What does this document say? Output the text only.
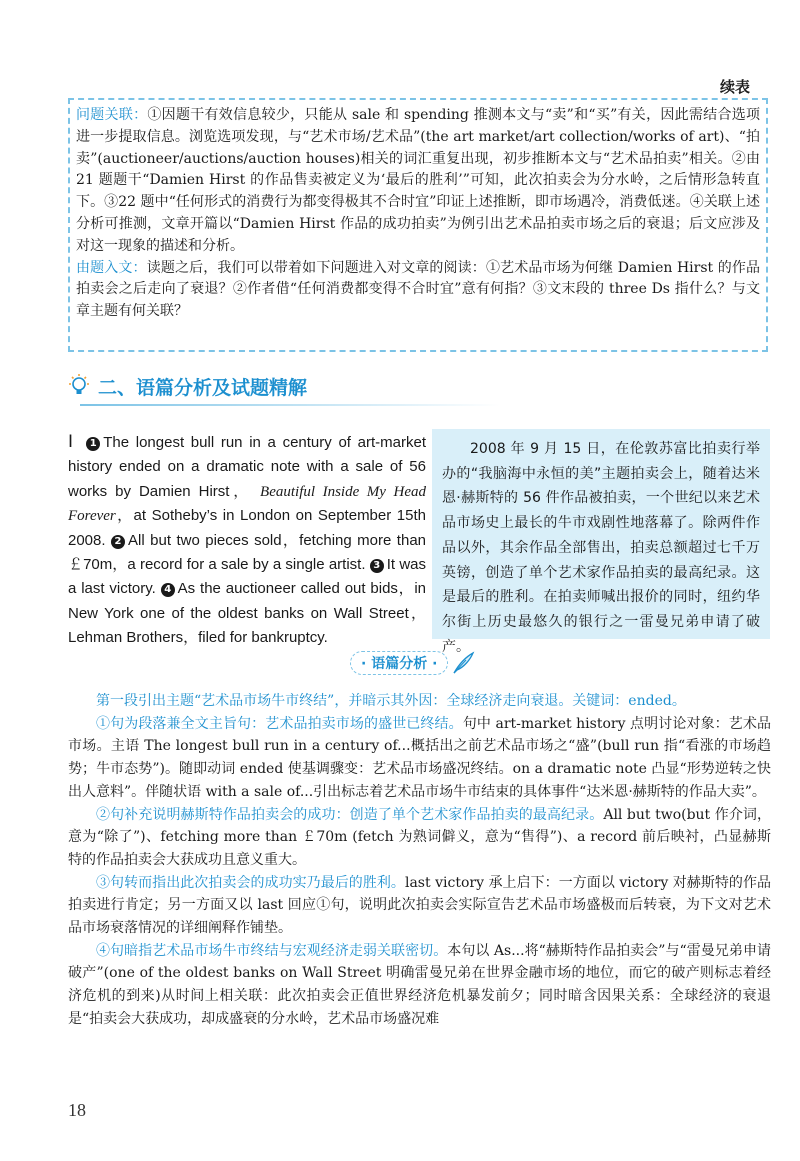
续表

问题关联：①因题干有效信息较少，只能从 sale 和 spending 推测本文与“卖”和“买”有关，因此需结合选项进一步提取信息。浏览选项发现，与“艺术市场/艺术品”(the art market/art collection/works of art)、“拍卖”(auctioneer/auctions/auction houses)相关的词汇重复出现，初步推断本文与“艺术品拍卖”相关。②由 21 题题干“Damien Hirst 的作品售卖被定义为‘最后的胜利’”可知，此次拍卖会为分水岭，之后情形急转直下。③22 题中“任何形式的消费行为都变得极其不合时宜”印证上述推断，即市场遇冷，消费低迷。④关联上述分析可推测，文章开篇以“Damien Hirst 作品的成功拍卖”为例引出艺术品拍卖市场之后的衰退；后文应涉及对这一现象的描述和分析。

由题入文：读题之后，我们可以带着如下问题进入对文章的阅读：①艺术品市场为何继 Damien Hirst 的作品拍卖会之后走向了衰退？②作者借“任何消费都变得不合时宜”意有何指？③文末段的 three Ds 指什么？与文章主题有何关联？

二、语篇分析及试题精解
Ⅰ 1 The longest bull run in a century of art-market history ended on a dramatic note with a sale of 56 works by Damien Hirst， Beautiful Inside My Head Forever，at Sotheby’s in London on September 15th 2008. 2 All but two pieces sold，fetching more than ￡70m，a record for a sale by a single artist. 3 It was a last victory. 4 As the auctioneer called out bids，in New York one of the oldest banks on Wall Street，Lehman Brothers，filed for bankruptcy.

2008 年 9 月 15 日，在伦敦苏富比拍卖行举办的“我脑海中永恒的美”主题拍卖会上，随着达米恩·赫斯特的 56 件作品被拍卖，一个世纪以来艺术品市场史上最长的牛市戏剧性地落幕了。除两件作品以外，其余作品全部售出，拍卖总额超过七千万英镑，创造了单个艺术家作品拍卖的最高纪录。这是最后的胜利。在拍卖师喊出报价的同时，纽约华尔街上历史最悠久的银行之一雷曼兄弟申请了破产。

· 语篇分析 ·

第一段引出主题“艺术品市场牛市终结”，并暗示其外因：全球经济走向衰退。关键词：ended。

①句为段落兼全文主旨句：艺术品拍卖市场的盛世已终结。句中 art-market history 点明讨论对象：艺术品市场。主语 The longest bull run in a century of...概括出之前艺术品市场之“盛”(bull run 指“看涨的市场趋势；牛市态势”)。随即动词 ended 使基调骤变：艺术品市场盛况终结。on a dramatic note 凸显“形势逆转之快出人意料”。伴随状语 with a sale of...引出标志着艺术品市场牛市结束的具体事件“达米恩·赫斯特的作品大卖”。

②句补充说明赫斯特作品拍卖会的成功：创造了单个艺术家作品拍卖的最高纪录。All but two(but 作介词，意为“除了”)、fetching more than ￡70m (fetch 为熟词僻义，意为“售得”)、a record 前后映衬，凸显赫斯特的作品拍卖会大获成功且意义重大。

③句转而指出此次拍卖会的成功实乃最后的胜利。last victory 承上启下：一方面以 victory 对赫斯特的作品拍卖进行肯定；另一方面又以 last 回应①句，说明此次拍卖会实际宣告艺术品市场盛极而后转衰，为下文对艺术品市场衰落情况的详细阐释作铺垫。

④句暗指艺术品市场牛市终结与宏观经济走弱关联密切。本句以 As...将“赫斯特作品拍卖会”与“雷曼兄弟申请破产”(one of the oldest banks on Wall Street 明确雷曼兄弟在世界金融市场的地位，而它的破产则标志着经济危机的到来)从时间上相关联：此次拍卖会正值世界经济危机暴发前夕；同时暗含因果关系：全球经济的衰退是“拍卖会大获成功，却成盛衰的分水岭，艺术品市场盛况难

18
